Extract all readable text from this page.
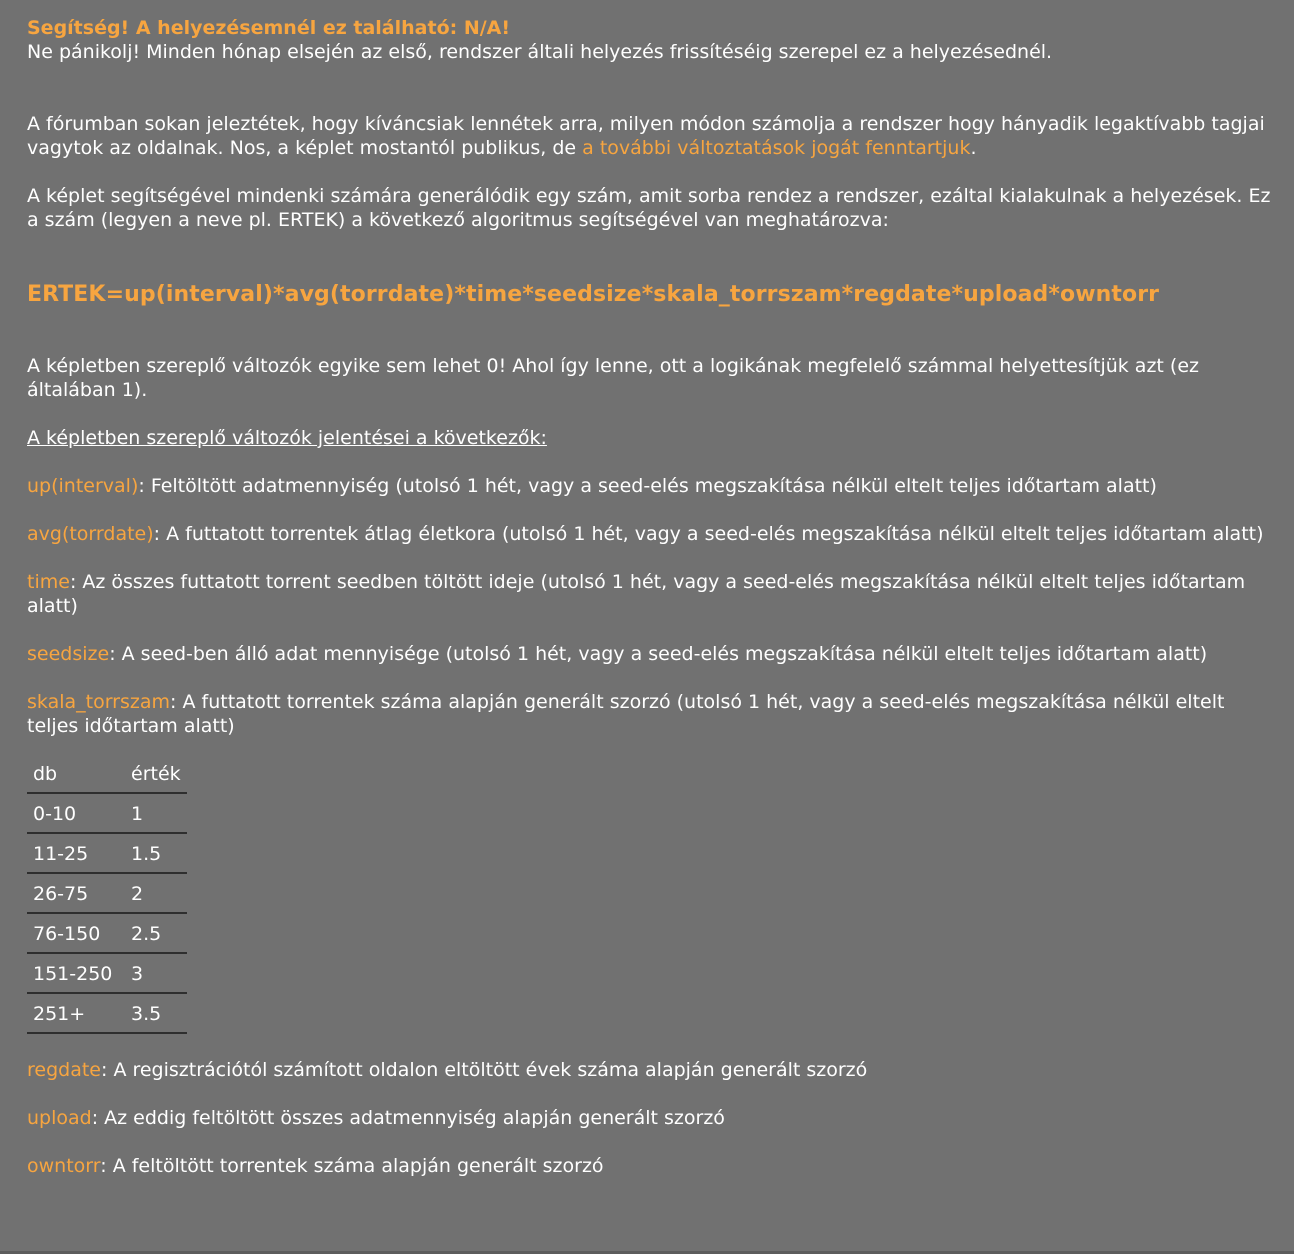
Segítség! A helyezésemnél ez található: N/A!

Ne pánikolj! Minden hónap elsején az első, rendszer általi helyezés frissítéséig szerepel ez a helyezésednél.

A fórumban sokan jeleztétek, hogy kíváncsiak lennétek arra, milyen módon számolja a rendszer hogy hányadik legaktívabb tagjai vagytok az oldalnak. Nos, a képlet mostantól publikus, de a további változtatások jogát fenntartjuk.

A képlet segítségével mindenki számára generálódik egy szám, amit sorba rendez a rendszer, ezáltal kialakulnak a helyezések. Ez a szám (legyen a neve pl. ERTEK) a következő algoritmus segítségével van meghatározva:

ERTEK=up(interval)*avg(torrdate)*time*seedsize*skala_torrszam*regdate*upload*owntorr

A képletben szereplő változók egyike sem lehet 0! Ahol így lenne, ott a logikának megfelelő számmal helyettesítjük azt (ez általában 1).

A képletben szereplő változók jelentései a következők:

up(interval): Feltöltött adatmennyiség (utolsó 1 hét, vagy a seed-elés megszakítása nélkül eltelt teljes időtartam alatt)

avg(torrdate): A futtatott torrentek átlag életkora (utolsó 1 hét, vagy a seed-elés megszakítása nélkül eltelt teljes időtartam alatt)

time: Az összes futtatott torrent seedben töltött ideje (utolsó 1 hét, vagy a seed-elés megszakítása nélkül eltelt teljes időtartam alatt)

seedsize: A seed-ben álló adat mennyisége (utolsó 1 hét, vagy a seed-elés megszakítása nélkül eltelt teljes időtartam alatt)

skala_torrszam: A futtatott torrentek száma alapján generált szorzó (utolsó 1 hét, vagy a seed-elés megszakítása nélkül eltelt teljes időtartam alatt)

db	érték
0-10	1
11-25	1.5
26-75	2
76-150	2.5
151-250	3
251+	3.5

regdate: A regisztrációtól számított oldalon eltöltött évek száma alapján generált szorzó

upload: Az eddig feltöltött összes adatmennyiség alapján generált szorzó

owntorr: A feltöltött torrentek száma alapján generált szorzó
